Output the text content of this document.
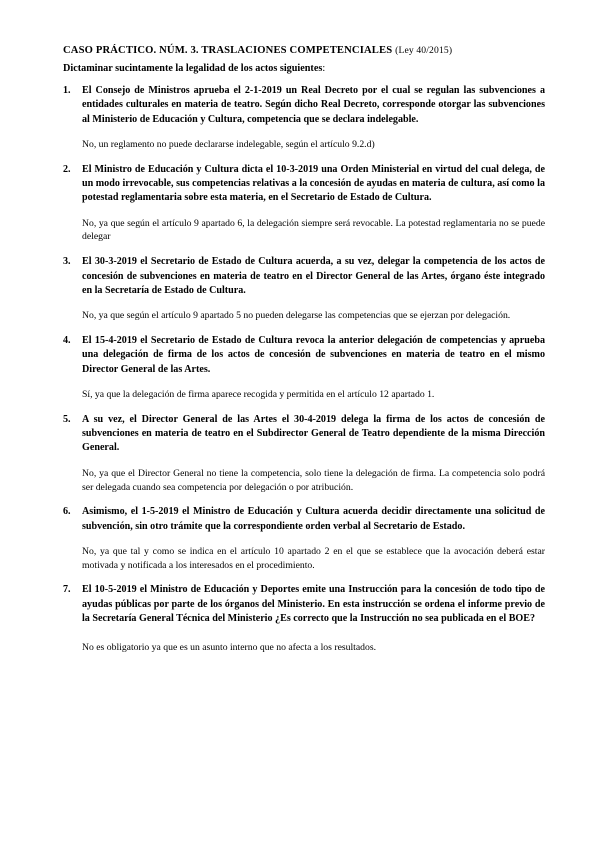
CASO PRÁCTICO. NÚM. 3. TRASLACIONES COMPETENCIALES (Ley 40/2015)

Dictaminar sucintamente la legalidad de los actos siguientes:

1. El Consejo de Ministros aprueba el 2-1-2019 un Real Decreto por el cual se regulan las subvenciones a entidades culturales en materia de teatro. Según dicho Real Decreto, corresponde otorgar las subvenciones al Ministerio de Educación y Cultura, competencia que se declara indelegable.

No, un reglamento no puede declararse indelegable, según el artículo 9.2.d)

2. El Ministro de Educación y Cultura dicta el 10-3-2019 una Orden Ministerial en virtud del cual delega, de un modo irrevocable, sus competencias relativas a la concesión de ayudas en materia de cultura, así como la potestad reglamentaria sobre esta materia, en el Secretario de Estado de Cultura.

No, ya que según el artículo 9 apartado 6, la delegación siempre será revocable. La potestad reglamentaria no se puede delegar

3. El 30-3-2019 el Secretario de Estado de Cultura acuerda, a su vez, delegar la competencia de los actos de concesión de subvenciones en materia de teatro en el Director General de las Artes, órgano éste integrado en la Secretaría de Estado de Cultura.

No, ya que según el artículo 9 apartado 5 no pueden delegarse las competencias que se ejerzan por delegación.

4. El 15-4-2019 el Secretario de Estado de Cultura revoca la anterior delegación de competencias y aprueba una delegación de firma de los actos de concesión de subvenciones en materia de teatro en el mismo Director General de las Artes.

Sí, ya que la delegación de firma aparece recogida y permitida en el artículo 12 apartado 1.

5. A su vez, el Director General de las Artes el 30-4-2019 delega la firma de los actos de concesión de subvenciones en materia de teatro en el Subdirector General de Teatro dependiente de la misma Dirección General.

No, ya que el Director General no tiene la competencia, solo tiene la delegación de firma. La competencia solo podrá ser delegada cuando sea competencia por delegación o por atribución.

6. Asimismo, el 1-5-2019 el Ministro de Educación y Cultura acuerda decidir directamente una solicitud de subvención, sin otro trámite que la correspondiente orden verbal al Secretario de Estado.

No, ya que tal y como se indica en el artículo 10 apartado 2 en el que se establece que la avocación deberá estar motivada y notificada a los interesados en el procedimiento.

7. El 10-5-2019 el Ministro de Educación y Deportes emite una Instrucción para la concesión de todo tipo de ayudas públicas por parte de los órganos del Ministerio. En esta instrucción se ordena el informe previo de la Secretaría General Técnica del Ministerio ¿Es correcto que la Instrucción no sea publicada en el BOE?

No es obligatorio ya que es un asunto interno que no afecta a los resultados.
